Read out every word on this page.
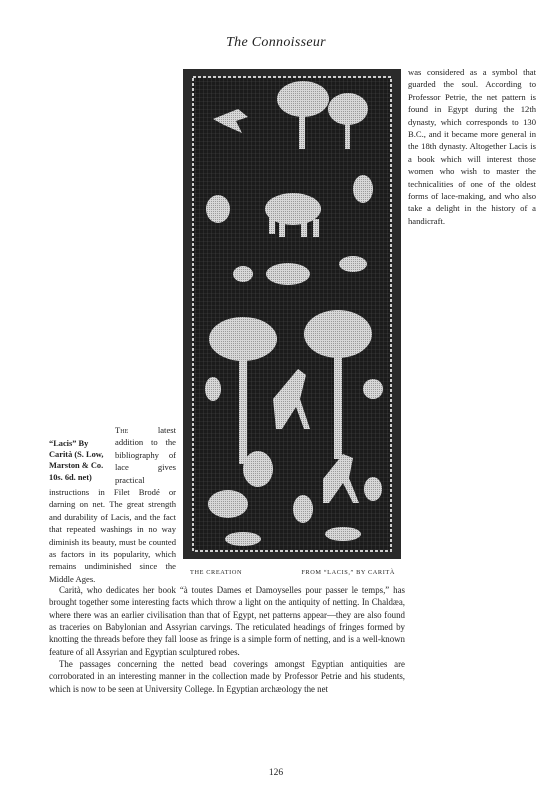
The Connoisseur
THE CREATION	FROM “LACIS,” BY CARITÀ
was considered as a symbol that guarded the soul. According to Professor Petrie, the net pattern is found in Egypt during the 12th dynasty, which corresponds to 130 B.C., and it became more general in the 18th dynasty. Altogether Lacis is a book which will interest those women who wish to master the technicalities of one of the oldest forms of lace-making, and who also take a delight in the history of a handicraft.
“Lacis” By Carità (S. Low, Marston & Co. 10s. 6d. net)
The	latest addition to the bibliography of lace gives practical instructions in Filet Brodé or darning on net. The great strength and durability of Lacis, and the fact that repeated washings in no way diminish its beauty, must be counted as factors in its popularity, which remains undiminished since the Middle Ages.

Carità, who dedicates her book “à toutes Dames et Damoyselles pour passer le temps,” has brought together some interesting facts which throw a light on the antiquity of netting. In Chaldæa, where there was an earlier civilisation than that of Egypt, net patterns appear—they are also found as traceries on Babylonian and Assyrian carvings. The reticulated headings of fringes formed by knotting the threads before they fall loose as fringe is a simple form of netting, and is a well-known feature of all Assyrian and Egyptian sculptured robes.

The passages concerning the netted bead coverings amongst Egyptian antiquities are corroborated in an interesting manner in the collection made by Professor Petrie and his students, which is now to be seen at University College. In Egyptian archæology the net

126
